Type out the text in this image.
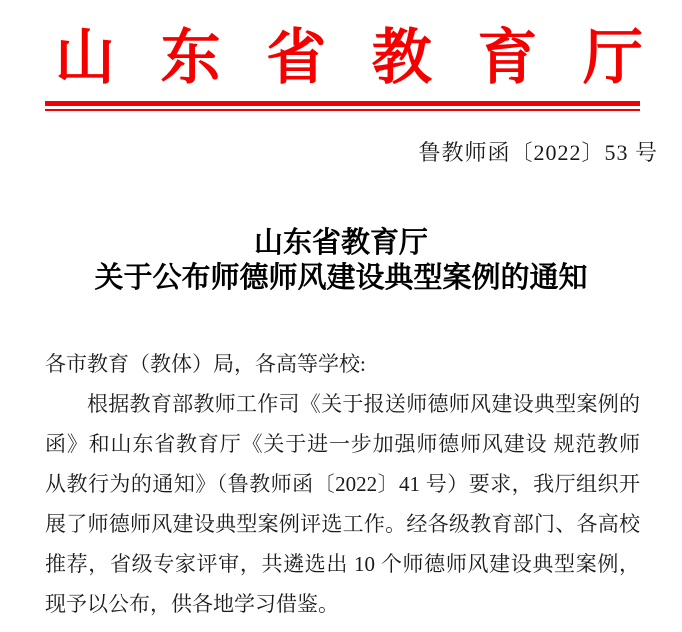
山 东 省 教 育 厅
鲁教师函〔2022〕53 号
山东省教育厅
关于公布师德师风建设典型案例的通知
各市教育（教体）局，各高等学校:
根据教育部教师工作司《关于报送师德师风建设典型案例的
函》和山东省教育厅《关于进一步加强师德师风建设 规范教师
从教行为的通知》（鲁教师函〔2022〕41 号）要求，我厅组织开
展了师德师风建设典型案例评选工作。经各级教育部门、各高校
推荐，省级专家评审，共遴选出 10 个师德师风建设典型案例，
现予以公布，供各地学习借鉴。
